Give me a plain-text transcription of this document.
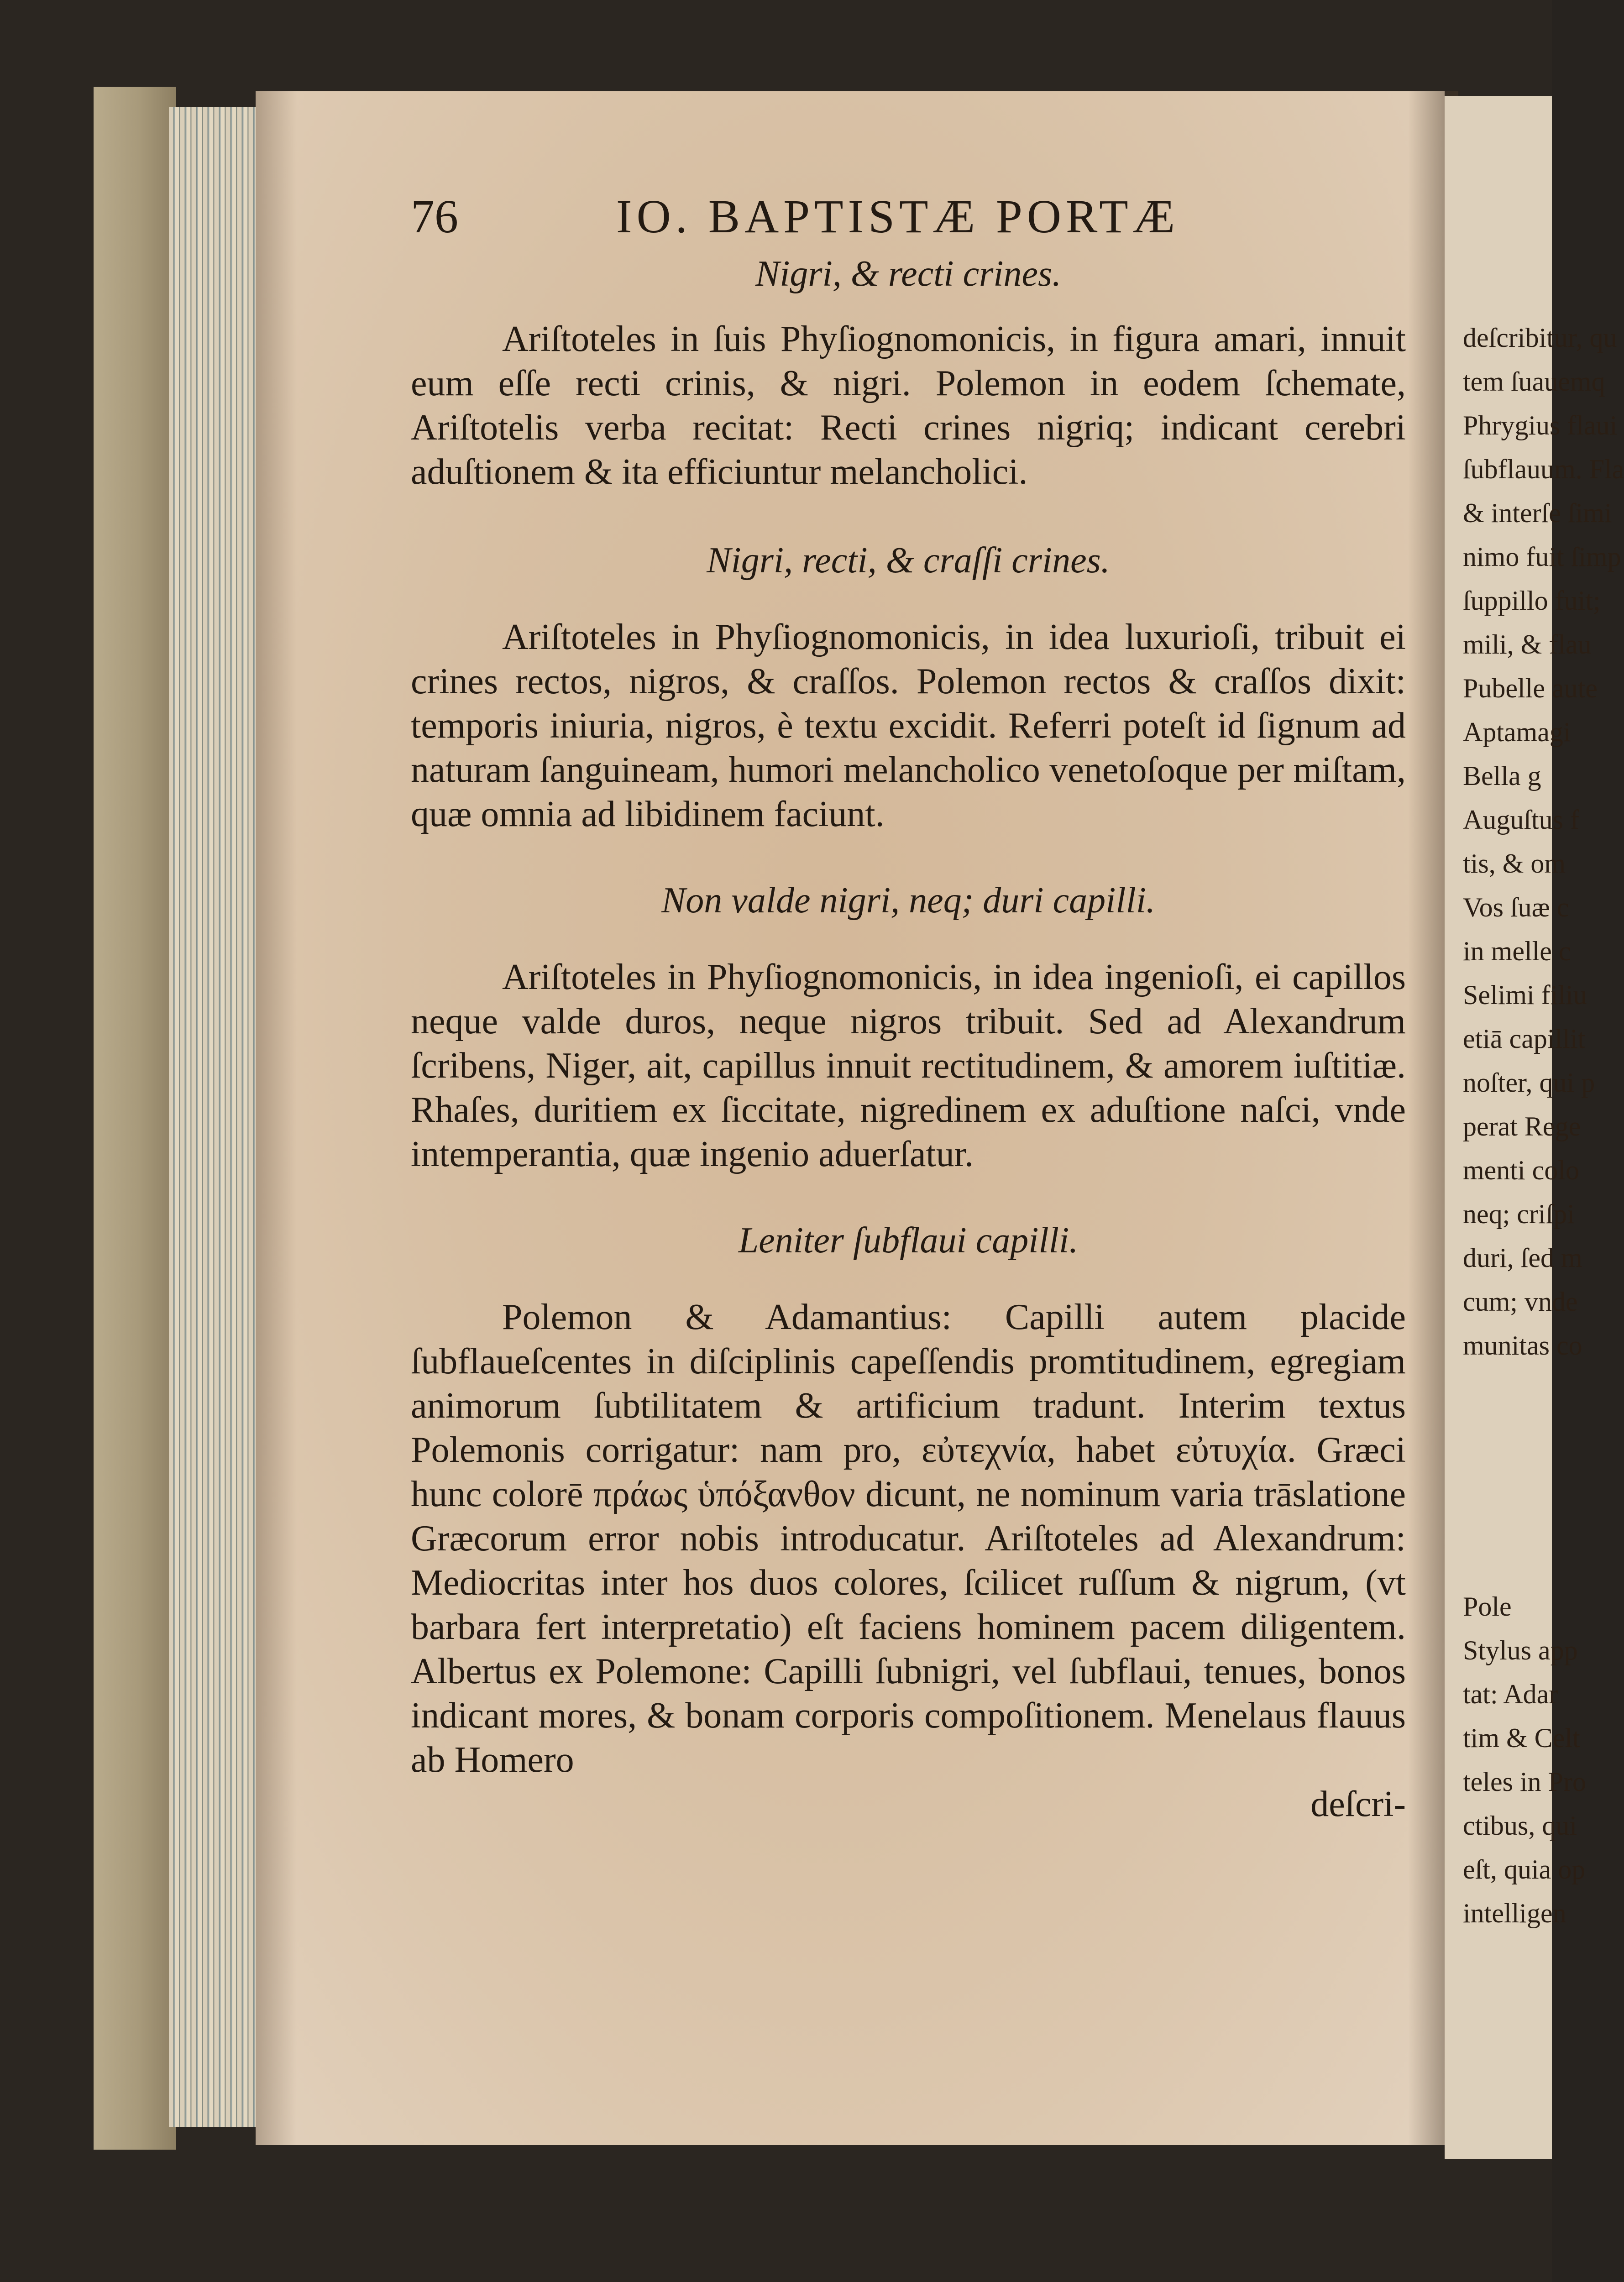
deſcribitur, qu
tem ſuauemq
Phrygius flaui
ſubflauum. Fla
& interſe ſimi
nimo fuit ſimp
ſuppillo fuit;
mili, & flau
Pubelle aute
Aptamagi
Bella g
Auguſtus f
tis, & om
Vos ſuæ c
in melle c
Selimi filiu
etiā capillit
noſter, qui p
perat Rege
menti colo
neq; criſpi
duri, ſed m
cum; vnde
munitas co
Pole
Stylus app
tat: Adar
tim & Celt
teles in Pro
ctibus, qui
eſt, quia op
intelligen
76	IO. BAPTISTÆ PORTÆ
Nigri, & recti crines.

Ariſtoteles in ſuis Phyſiognomonicis, in figura amari, innuit eum eſſe recti crinis, & nigri. Polemon in eodem ſchemate, Ariſtotelis verba recitat: Recti crines nigriq; indicant cerebri aduſtionem & ita efficiuntur melancholici.

Nigri, recti, & craſſi crines.

Ariſtoteles in Phyſiognomonicis, in idea luxurioſi, tribuit ei crines rectos, nigros, & craſſos. Polemon rectos & craſſos dixit: temporis iniuria, nigros, è textu excidit. Referri poteſt id ſignum ad naturam ſanguineam, humori melancholico venetoſoque per miſtam, quæ omnia ad libidinem faciunt.

Non valde nigri, neq; duri capilli.

Ariſtoteles in Phyſiognomonicis, in idea ingenioſi, ei capillos neque valde duros, neque nigros tribuit. Sed ad Alexandrum ſcribens, Niger, ait, capillus innuit rectitudinem, & amorem iuſtitiæ. Rhaſes, duritiem ex ſiccitate, nigredinem ex aduſtione naſci, vnde intemperantia, quæ ingenio aduerſatur.

Leniter ſubflaui capilli.

Polemon & Adamantius: Capilli autem placide ſubflaueſcentes in diſciplinis capeſſendis promtitudinem, egregiam animorum ſubtilitatem & artificium tradunt. Interim textus Polemonis corrigatur: nam pro, εὐτεχνία, habet εὐτυχία. Græci hunc colorē πράως ὑπόξανθον dicunt, ne nominum varia trāslatione Græcorum error nobis introducatur. Ariſtoteles ad Alexandrum: Mediocritas inter hos duos colores, ſcilicet ruſſum & nigrum, (vt barbara fert interpretatio) eſt faciens hominem pacem diligentem. Albertus ex Polemone: Capilli ſubnigri, vel ſubflaui, tenues, bonos indicant mores, & bonam corporis compoſitionem. Menelaus flauus ab Homero

deſcri-
